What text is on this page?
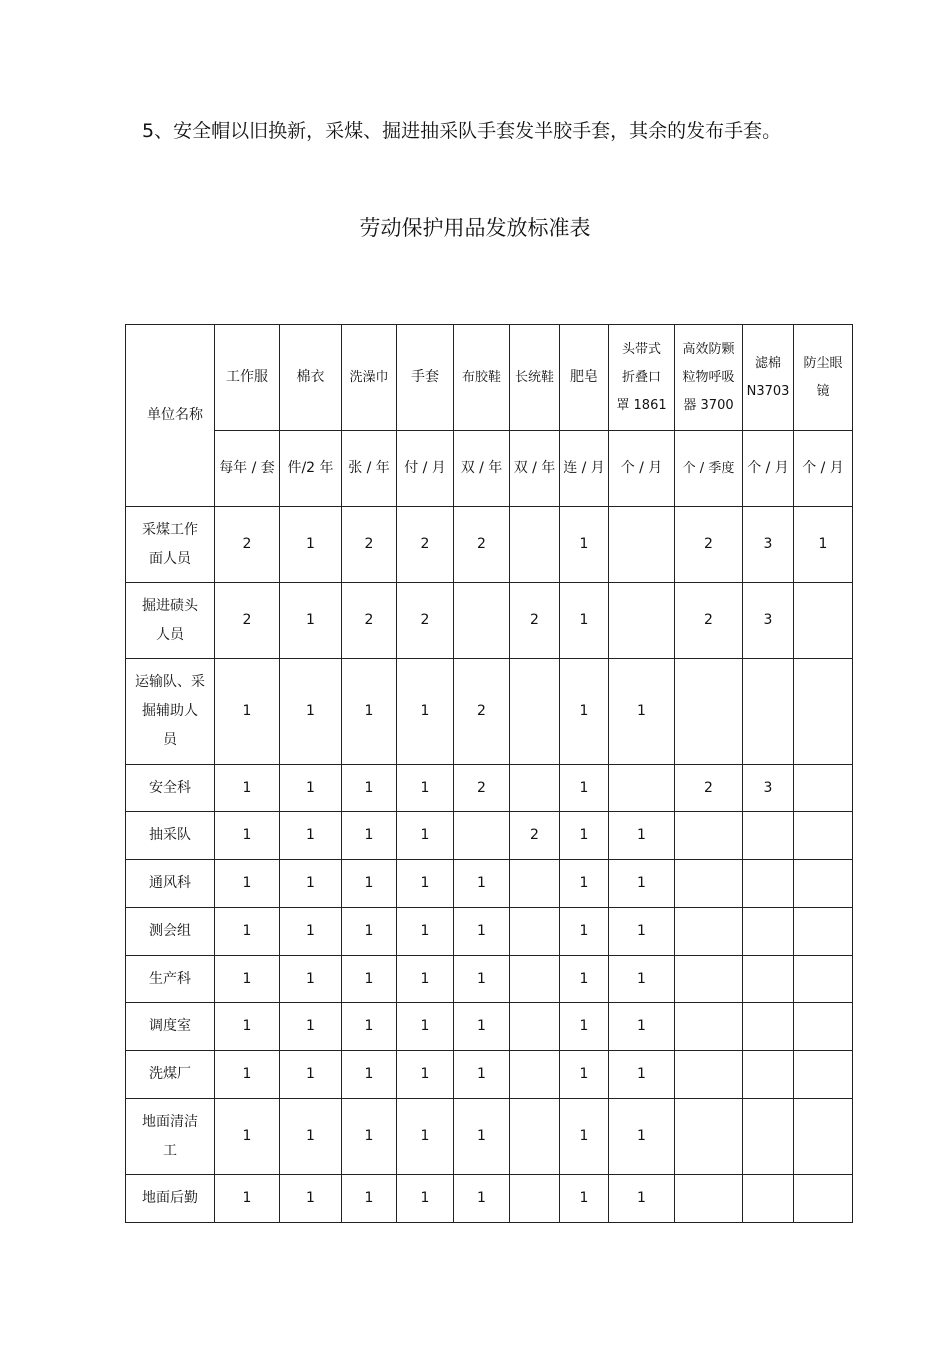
5、安全帽以旧换新，采煤、掘进抽采队手套发半胶手套，其余的发布手套。

劳动保护用品发放标准表
单位名称	工作服	棉衣	洗澡巾	手套	布胶鞋	长统鞋	肥皂	头带式
折叠口
罩 1861	高效防颗
粒物呼吸
器 3700	滤棉
N3703	防尘眼
镜
	每年 / 套	件/2 年	张 / 年	付 / 月	双 / 年	双 / 年	连 / 月	个 / 月	个 / 季度	个 / 月	个 / 月
采煤工作
面人员	2	1	2	2	2		1		2	3	1
掘进碛头
人员	2	1	2	2		2	1		2	3	
运输队、采
掘辅助人
员	1	1	1	1	2		1	1			
安全科	1	1	1	1	2		1		2	3	
抽采队	1	1	1	1		2	1	1			
通风科	1	1	1	1	1		1	1			
测会组	1	1	1	1	1		1	1			
生产科	1	1	1	1	1		1	1			
调度室	1	1	1	1	1		1	1			
洗煤厂	1	1	1	1	1		1	1			
地面清洁
工	1	1	1	1	1		1	1			
地面后勤	1	1	1	1	1		1	1			
